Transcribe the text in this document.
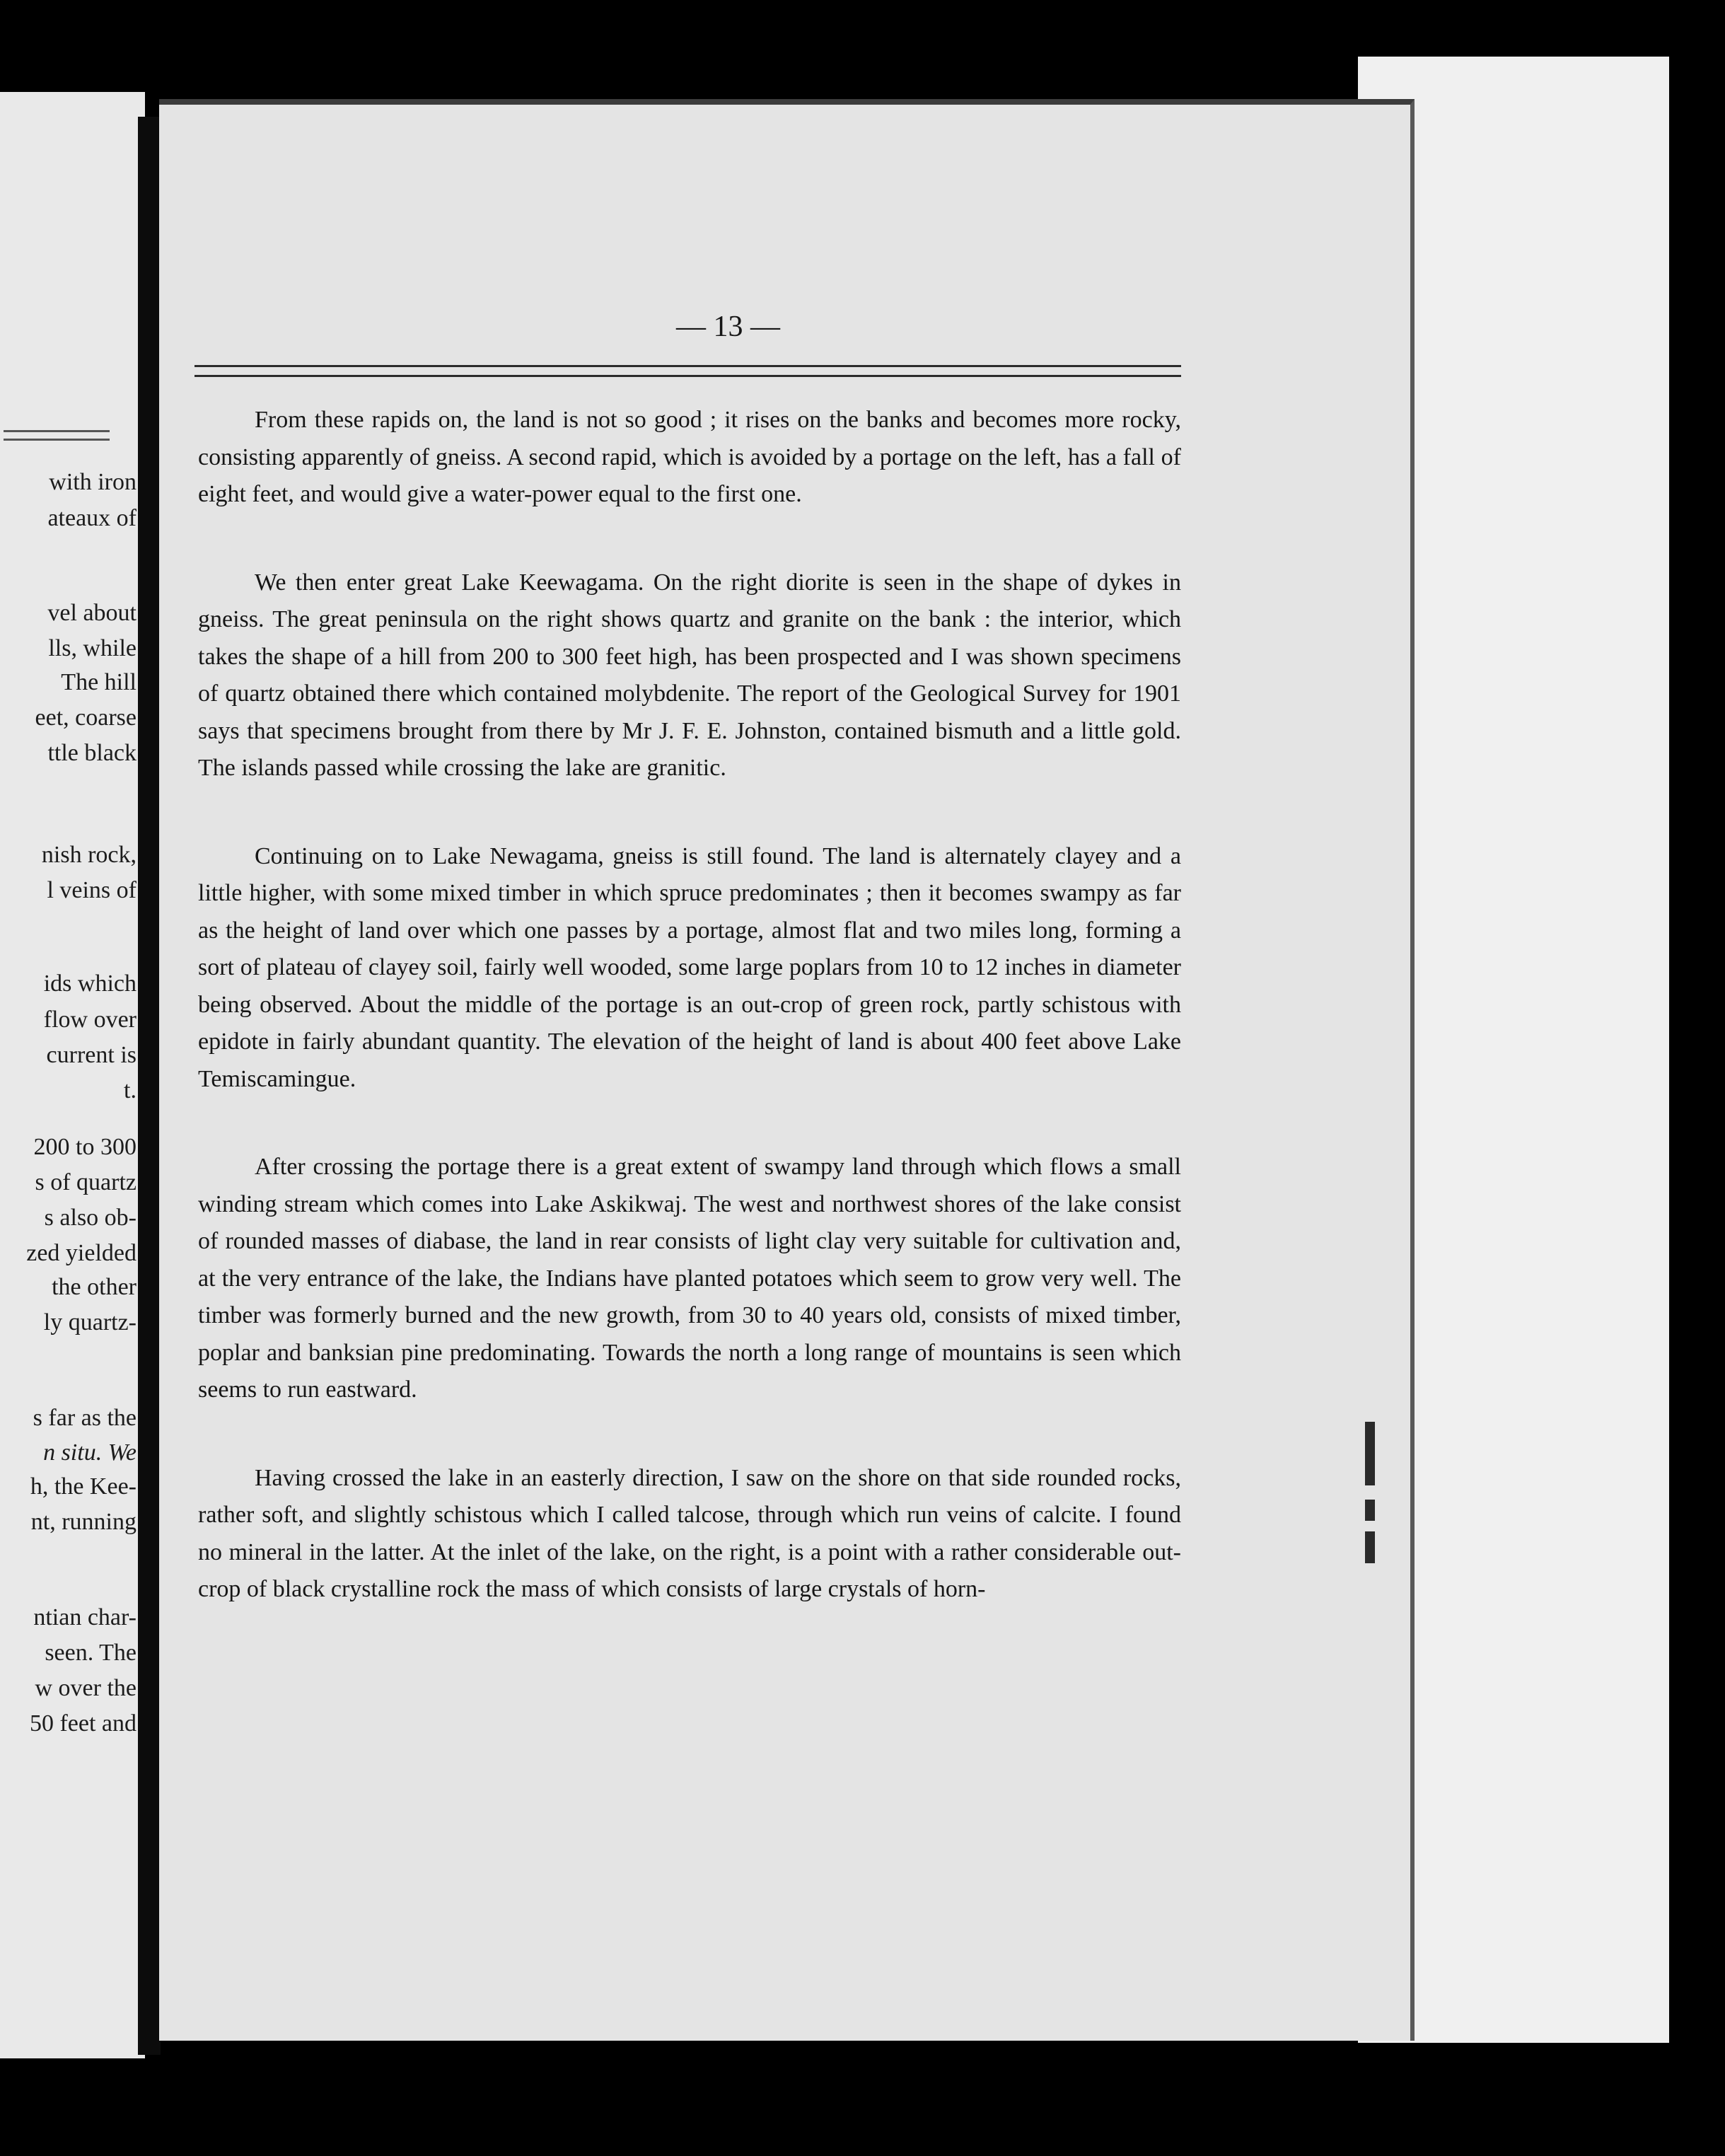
with iron
ateaux of
vel about
lls, while
The hill
eet, coarse
ttle black
nish rock,
l veins of
ids which
flow over
current is
t.
200 to 300
s of quartz
s also ob-
zed yielded
the other
ly quartz-
s far as the
n situ. We
h, the Kee-
nt, running
ntian char-
seen. The
w over the
50 feet and
— 13 —

From these rapids on, the land is not so good ; it rises on the banks and becomes more rocky, consisting apparently of gneiss. A second rapid, which is avoided by a portage on the left, has a fall of eight feet, and would give a water-power equal to the first one.

We then enter great Lake Keewagama. On the right diorite is seen in the shape of dykes in gneiss. The great peninsula on the right shows quartz and granite on the bank : the interior, which takes the shape of a hill from 200 to 300 feet high, has been prospected and I was shown specimens of quartz obtained there which contained molybdenite. The report of the Geological Survey for 1901 says that specimens brought from there by Mr J. F. E. Johnston, contained bismuth and a little gold. The islands passed while crossing the lake are granitic.

Continuing on to Lake Newagama, gneiss is still found. The land is alternately clayey and a little higher, with some mixed timber in which spruce predominates ; then it becomes swampy as far as the height of land over which one passes by a portage, almost flat and two miles long, forming a sort of plateau of clayey soil, fairly well wooded, some large poplars from 10 to 12 inches in diameter being observed. About the middle of the portage is an out-crop of green rock, partly schistous with epidote in fairly abundant quantity. The elevation of the height of land is about 400 feet above Lake Temiscamingue.

After crossing the portage there is a great extent of swampy land through which flows a small winding stream which comes into Lake Askikwaj. The west and northwest shores of the lake consist of rounded masses of diabase, the land in rear consists of light clay very suitable for cultivation and, at the very entrance of the lake, the Indians have planted potatoes which seem to grow very well. The timber was formerly burned and the new growth, from 30 to 40 years old, consists of mixed timber, poplar and banksian pine predominating. Towards the north a long range of mountains is seen which seems to run eastward.

Having crossed the lake in an easterly direction, I saw on the shore on that side rounded rocks, rather soft, and slightly schistous which I called talcose, through which run veins of calcite. I found no mineral in the latter. At the inlet of the lake, on the right, is a point with a rather considerable out-crop of black crystalline rock the mass of which consists of large crystals of horn-
